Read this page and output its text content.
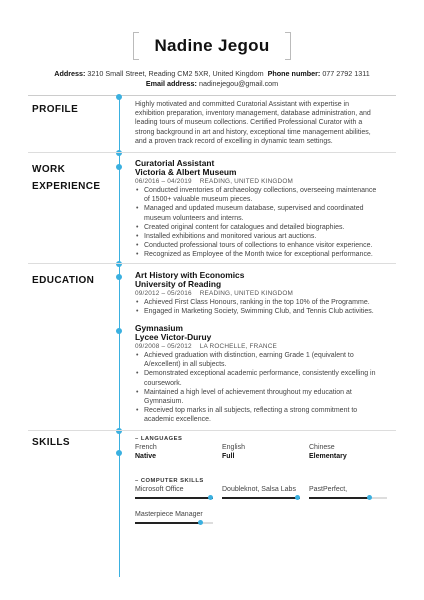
Nadine Jegou
Address: 3210 Small Street, Reading CM2 5XR, United Kingdom Phone number: 077 2792 1311
Email address: nadinejegou@gmail.com
PROFILE	Highly motivated and committed Curatorial Assistant with expertise in
exhibition preparation, inventory management, database administration, and
leading tours of museum collections. Certified Professional Curator with a
strong background in art and history, exceptional time management abilities,
and a proven track record of excelling in dynamic team settings.
WORK
EXPERIENCE
Curatorial Assistant
Victoria & Albert Museum
06/2016 – 04/2019 READING, UNITED KINGDOM
• Conducted inventories of archaeology collections, overseeing maintenance
of 1500+ valuable museum pieces.
• Managed and updated museum database, supervised and coordinated
museum volunteers and interns.
• Created original content for catalogues and detailed biographies.
• Installed exhibitions and monitored various art auctions.
• Conducted professional tours of collections to enhance visitor experience.
• Recognized as Employee of the Month twice for exceptional performance.
EDUCATION	Art History with Economics
University of Reading
09/2012 – 05/2016 READING, UNITED KINGDOM
• Achieved First Class Honours, ranking in the top 10% of the Programme.
• Engaged in Marketing Society, Swimming Club, and Tennis Club activities.
Gymnasium
Lycee Victor-Duruy
09/2008 – 05/2012 LA ROCHELLE, FRANCE
• Achieved graduation with distinction, earning Grade 1 (equivalent to
A/excellent) in all subjects.
• Demonstrated exceptional academic performance, consistently excelling in
coursework.
• Maintained a high level of achievement throughout my education at
Gymnasium.
• Received top marks in all subjects, reflecting a strong commitment to
academic excellence.
SKILLS	– LANGUAGES
French
Native
English
Full
Chinese
Elementary
– COMPUTER SKILLS
Microsoft Office	Doubleknot, Salsa Labs PastPerfect,
Masterpiece Manager
